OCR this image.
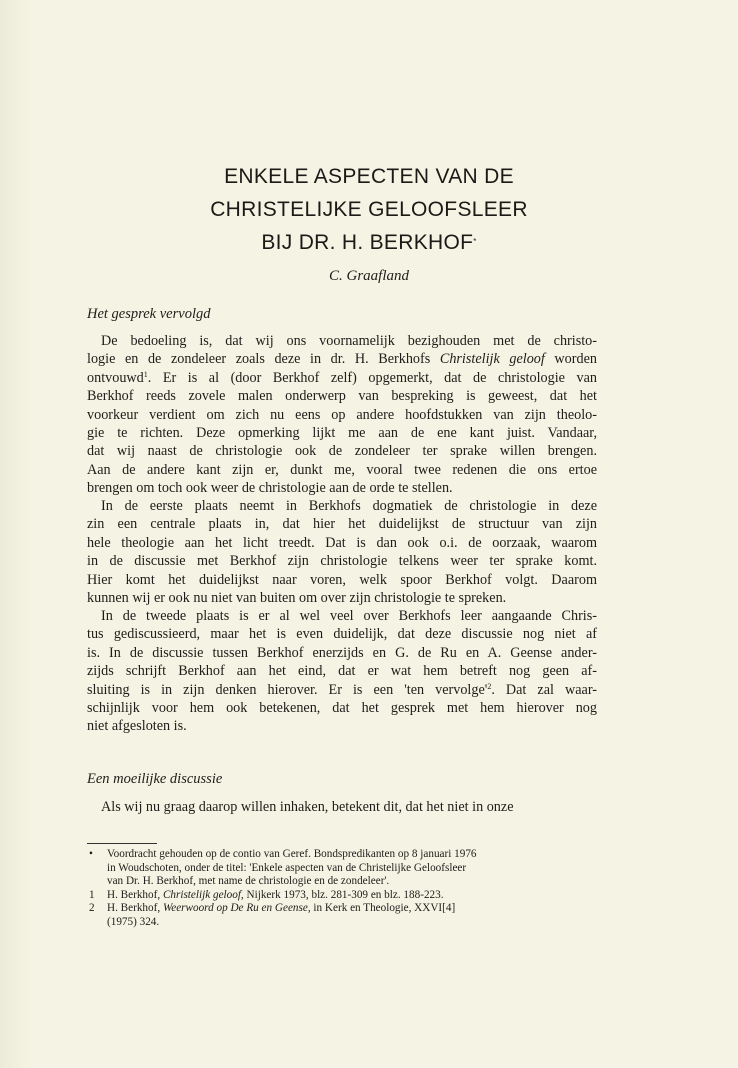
ENKELE ASPECTEN VAN DE
CHRISTELIJKE GELOOFSLEER
BIJ DR. H. BERKHOF*
C. Graafland
Het gesprek vervolgd
De bedoeling is, dat wij ons voornamelijk bezighouden met de christo-
logie en de zondeleer zoals deze in dr. H. Berkhofs Christelijk geloof worden
ontvouwd$^1$. Er is al (door Berkhof zelf) opgemerkt, dat de christologie van
Berkhof reeds zovele malen onderwerp van bespreking is geweest, dat het
voorkeur verdient om zich nu eens op andere hoofdstukken van zijn theolo-
gie te richten. Deze opmerking lijkt me aan de ene kant juist. Vandaar,
dat wij naast de christologie ook de zondeleer ter sprake willen brengen.
Aan de andere kant zijn er, dunkt me, vooral twee redenen die ons ertoe
brengen om toch ook weer de christologie aan de orde te stellen.
In de eerste plaats neemt in Berkhofs dogmatiek de christologie in deze
zin een centrale plaats in, dat hier het duidelijkst de structuur van zijn
hele theologie aan het licht treedt. Dat is dan ook o.i. de oorzaak, waarom
in de discussie met Berkhof zijn christologie telkens weer ter sprake komt.
Hier komt het duidelijkst naar voren, welk spoor Berkhof volgt. Daarom
kunnen wij er ook nu niet van buiten om over zijn christologie te spreken.
In de tweede plaats is er al wel veel over Berkhofs leer aangaande Chris-
tus gediscussieerd, maar het is even duidelijk, dat deze discussie nog niet af
is. In de discussie tussen Berkhof enerzijds en G. de Ru en A. Geense ander-
zijds schrijft Berkhof aan het eind, dat er wat hem betreft nog geen af-
sluiting is in zijn denken hierover. Er is een 'ten $vervolge'^2$. Dat zal waar-
schijnlijk voor hem ook betekenen, dat het gesprek met hem hierover nog
niet afgesloten is.
Een moeilijke discussie
Als wij nu graag daarop willen inhaken, betekent dit, dat het niet in onze
• Voordracht gehouden op de contio van Geref. Bondspredikanten op 8 januari 1976
in Woudschoten, onder de titel: 'Enkele aspecten van de Christelijke Geloofsleer
van Dr. H. Berkhof, met name de christologie en de zondeleer'.
1 H. Berkhof, Christelijk geloof, Nijkerk 1973, blz. 281-309 en blz. 188-223.
2 H. Berkhof, Weerwoord op De Ru en Geense, in Kerk en Theologie, XXVI[4]
(1975) 324.
